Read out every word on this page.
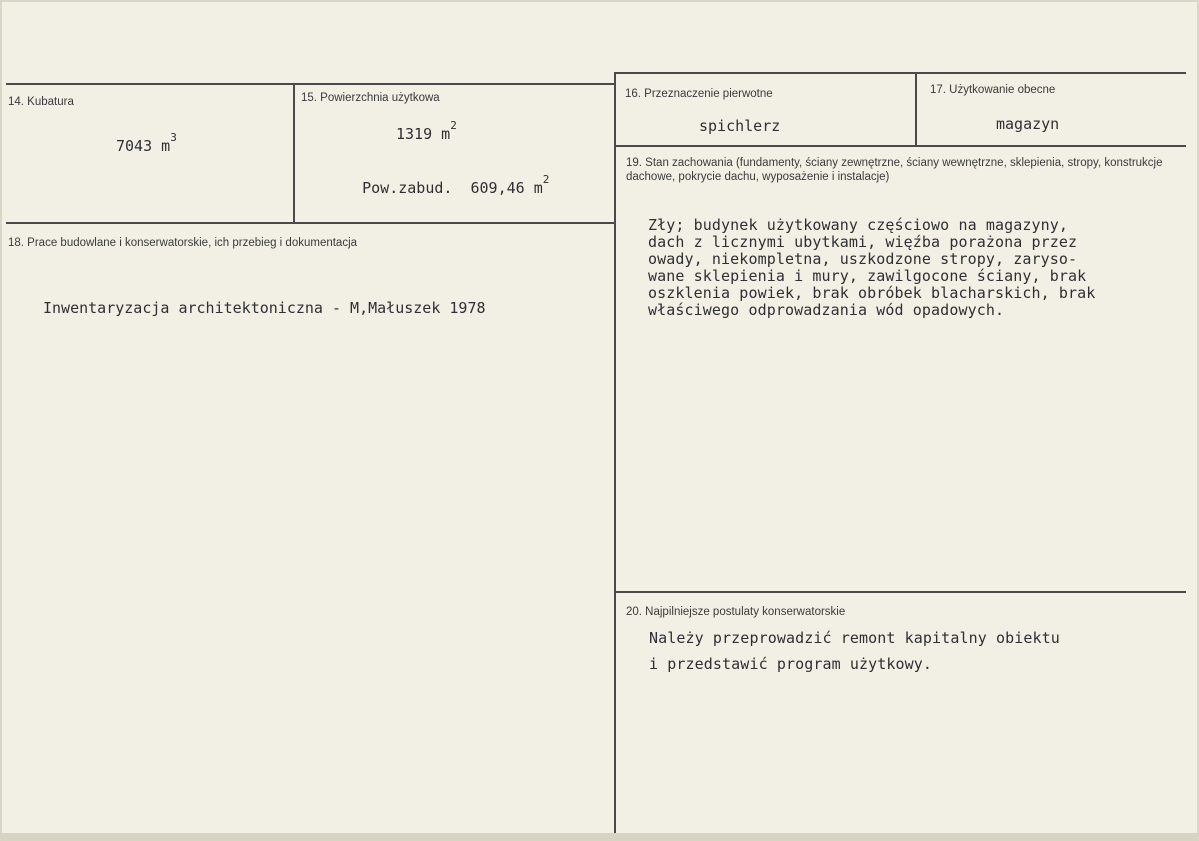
14. Kubatura
7043 $m^3$
15. Powierzchnia użytkowa
1319 $m^2$

Pow.zabud.  609,46 $m^2$

16. Przeznaczenie pierwotne
spichlerz
17. Użytkowanie obecne
magazyn
18. Prace budowlane i konserwatorskie, ich przebieg i dokumentacja
Inwentaryzacja architektoniczna - M,Małuszek 1978
19. Stan zachowania (fundamenty, ściany zewnętrzne, ściany wewnętrzne, sklepienia, stropy, konstrukcje dachowe, pokrycie dachu, wyposażenie i instalacje)
Zły; budynek użytkowany częściowo na magazyny,
dach z licznymi ubytkami, więźba porażona przez
owady, niekompletna, uszkodzone stropy, zaryso-
wane sklepienia i mury, zawilgocone ściany, brak
oszklenia powiek, brak obróbek blacharskich, brak
właściwego odprowadzania wód opadowych.
20. Najpilniejsze postulaty konserwatorskie
Należy przeprowadzić remont kapitalny obiektu
i przedstawić program użytkowy.
